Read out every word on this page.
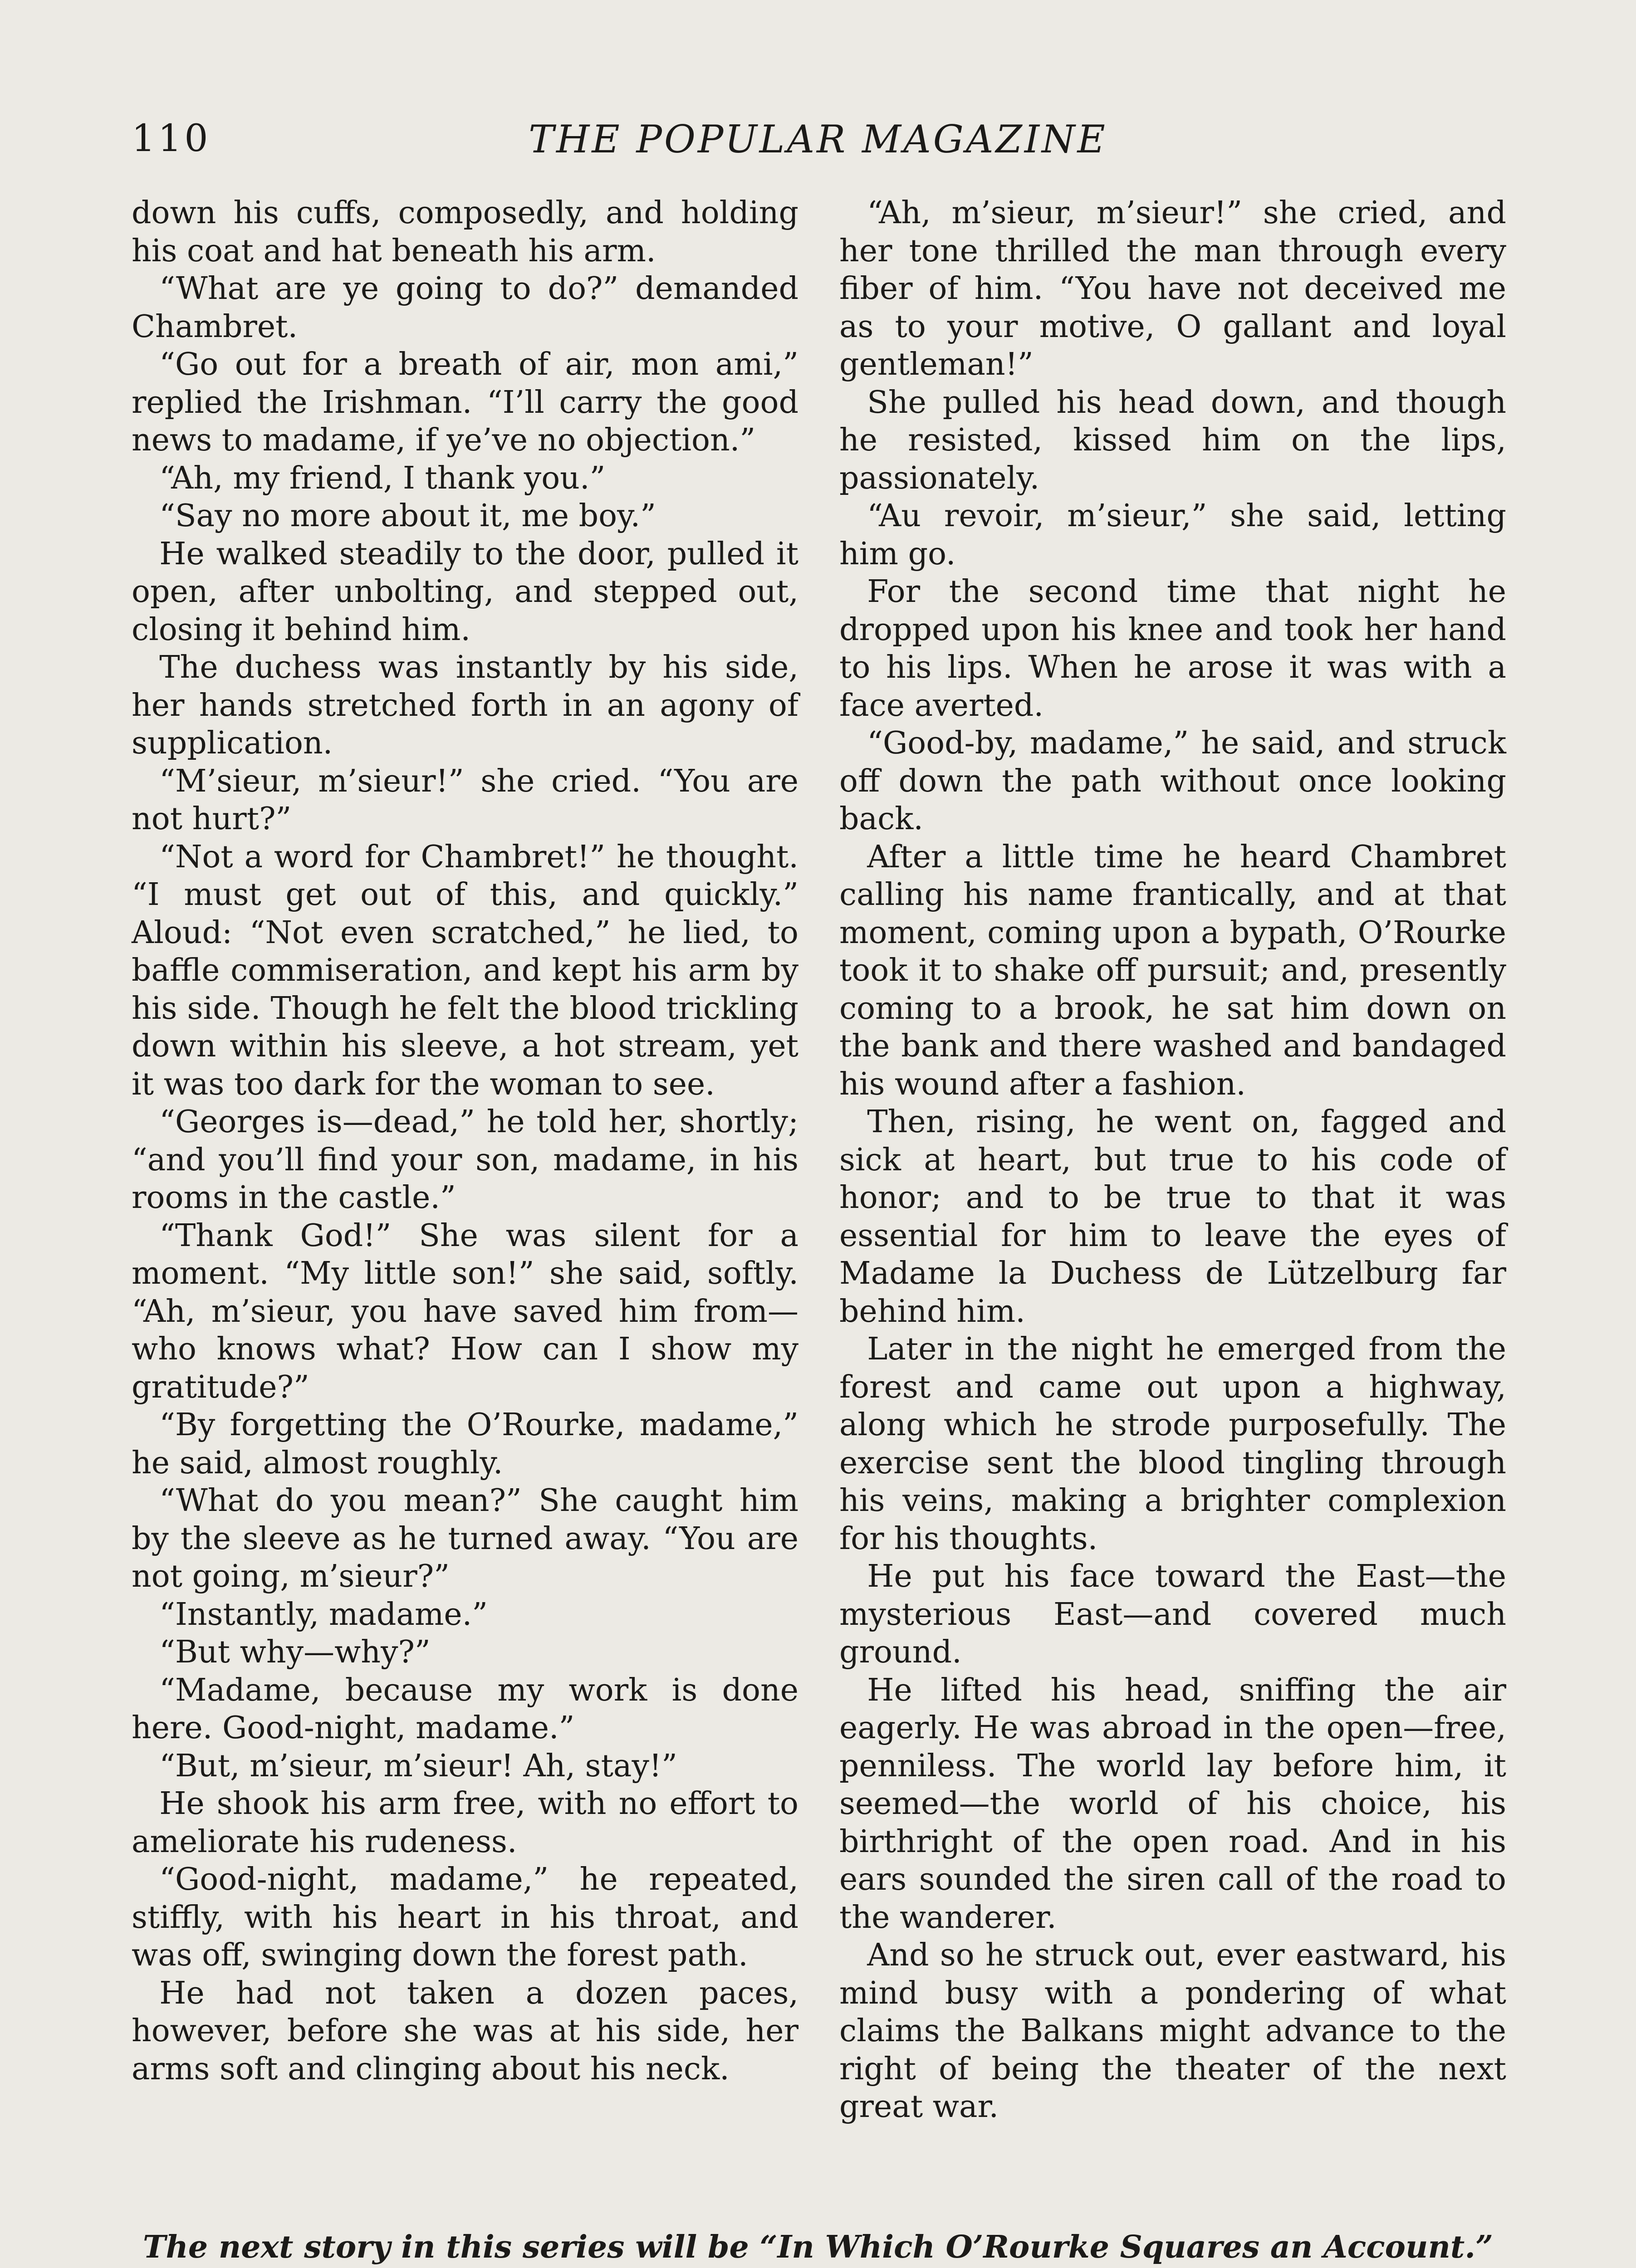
110	THE POPULAR MAGAZINE

down his cuffs, composedly, and holding his coat and hat beneath his arm.

“What are ye going to do?” demanded Chambret.

“Go out for a breath of air, mon ami,” replied the Irishman. “I’ll carry the good news to madame, if ye’ve no objection.”

“Ah, my friend, I thank you.”

“Say no more about it, me boy.”

He walked steadily to the door, pulled it open, after unbolting, and stepped out, closing it behind him.

The duchess was instantly by his side, her hands stretched forth in an agony of supplication.

“M’sieur, m’sieur!” she cried. “You are not hurt?”

“Not a word for Chambret!” he thought. “I must get out of this, and quickly.” Aloud: “Not even scratched,” he lied, to baffle commiseration, and kept his arm by his side. Though he felt the blood trickling down within his sleeve, a hot stream, yet it was too dark for the woman to see.

“Georges is—dead,” he told her, shortly; “and you’ll find your son, madame, in his rooms in the castle.”

“Thank God!” She was silent for a moment. “My little son!” she said, softly. “Ah, m’sieur, you have saved him from—who knows what? How can I show my gratitude?”

“By forgetting the O’Rourke, madame,” he said, almost roughly.

“What do you mean?” She caught him by the sleeve as he turned away. “You are not going, m’sieur?”

“Instantly, madame.”

“But why—why?”

“Madame, because my work is done here. Good-night, madame.”

“But, m’sieur, m’sieur! Ah, stay!”

He shook his arm free, with no effort to ameliorate his rudeness.

“Good-night, madame,” he repeated, stiffly, with his heart in his throat, and was off, swinging down the forest path.

He had not taken a dozen paces, however, before she was at his side, her arms soft and clinging about his neck.

“Ah, m’sieur, m’sieur!” she cried, and her tone thrilled the man through every fiber of him. “You have not deceived me as to your motive, O gallant and loyal gentleman!”

She pulled his head down, and though he resisted, kissed him on the lips, passionately.

“Au revoir, m’sieur,” she said, letting him go.

For the second time that night he dropped upon his knee and took her hand to his lips. When he arose it was with a face averted.

“Good-by, madame,” he said, and struck off down the path without once looking back.

After a little time he heard Chambret calling his name frantically, and at that moment, coming upon a bypath, O’Rourke took it to shake off pursuit; and, presently coming to a brook, he sat him down on the bank and there washed and bandaged his wound after a fashion.

Then, rising, he went on, fagged and sick at heart, but true to his code of honor; and to be true to that it was essential for him to leave the eyes of Madame la Duchess de Lützelburg far behind him.

Later in the night he emerged from the forest and came out upon a highway, along which he strode purposefully. The exercise sent the blood tingling through his veins, making a brighter complexion for his thoughts.

He put his face toward the East—the mysterious East—and covered much ground.

He lifted his head, sniffing the air eagerly. He was abroad in the open—free, penniless. The world lay before him, it seemed—the world of his choice, his birthright of the open road. And in his ears sounded the siren call of the road to the wanderer.

And so he struck out, ever eastward, his mind busy with a pondering of what claims the Balkans might advance to the right of being the theater of the next great war.

The next story in this series will be “In Which O’Rourke Squares an Account.”
